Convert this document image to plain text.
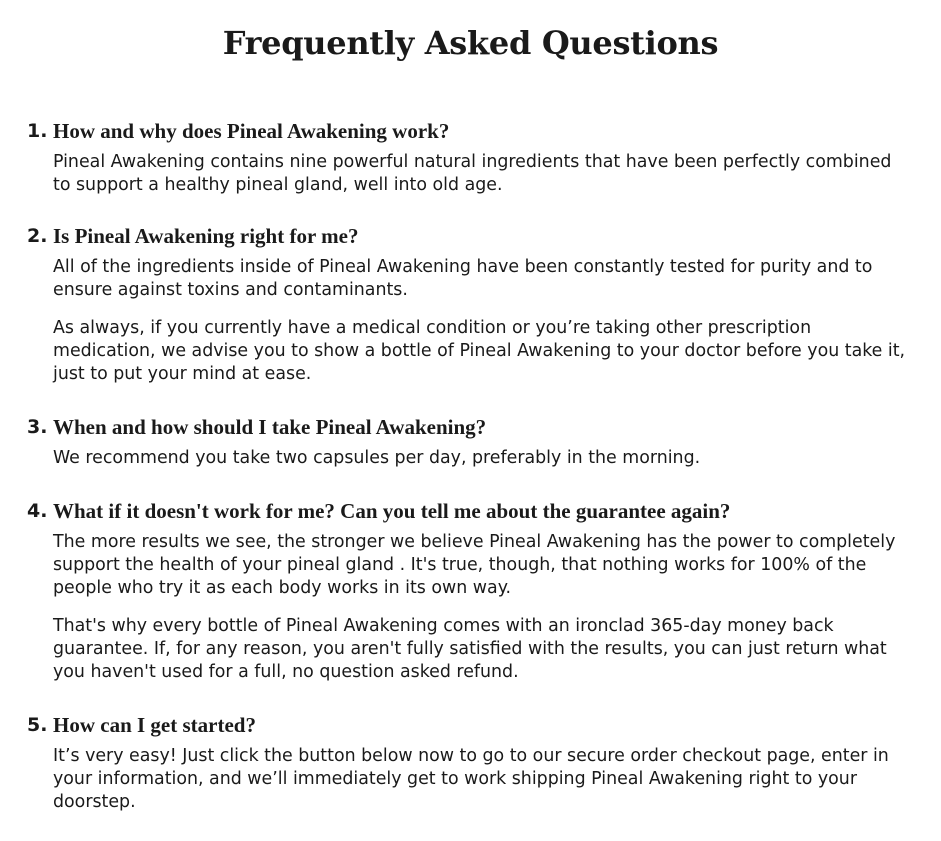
Frequently Asked Questions
1. How and why does Pineal Awakening work?

Pineal Awakening contains nine powerful natural ingredients that have been perfectly combined to support a healthy pineal gland, well into old age.

2. Is Pineal Awakening right for me?

All of the ingredients inside of Pineal Awakening have been constantly tested for purity and to ensure against toxins and contaminants.

As always, if you currently have a medical condition or you’re taking other prescription medication, we advise you to show a bottle of Pineal Awakening to your doctor before you take it, just to put your mind at ease.

3. When and how should I take Pineal Awakening?

We recommend you take two capsules per day, preferably in the morning.

4. What if it doesn't work for me? Can you tell me about the guarantee again?

The more results we see, the stronger we believe Pineal Awakening has the power to completely support the health of your pineal gland . It's true, though, that nothing works for 100% of the people who try it as each body works in its own way.

That's why every bottle of Pineal Awakening comes with an ironclad 365-day money back guarantee. If, for any reason, you aren't fully satisfied with the results, you can just return what you haven't used for a full, no question asked refund.

5. How can I get started?

It’s very easy! Just click the button below now to go to our secure order checkout page, enter in your information, and we’ll immediately get to work shipping Pineal Awakening right to your doorstep.
